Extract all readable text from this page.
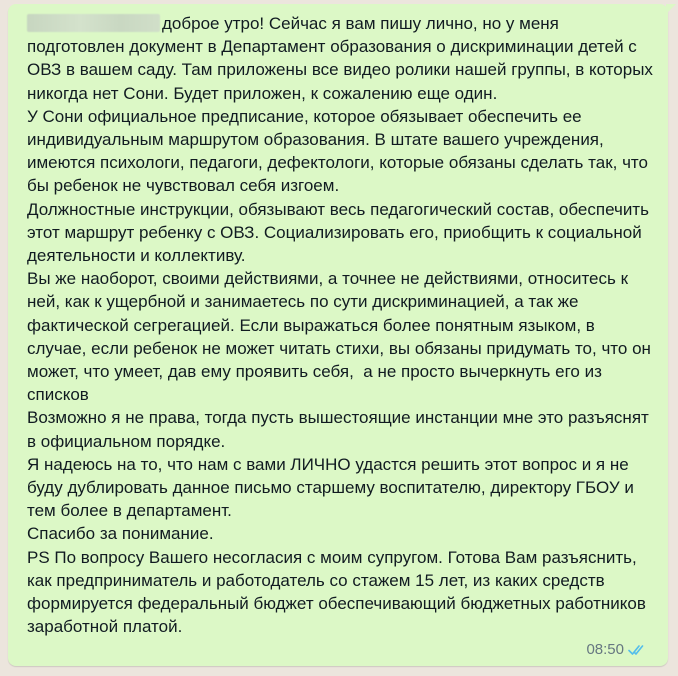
доброе утро! Сейчас я вам пишу лично, но у меня подготовлен документ в Департамент образования о дискриминации детей с ОВЗ в вашем саду. Там приложены все видео ролики нашей группы, в которых никогда нет Сони. Будет приложен, к сожалению еще один.
У Сони официальное предписание, которое обязывает обеспечить ее индивидуальным маршрутом образования. В штате вашего учреждения, имеются психологи, педагоги, дефектологи, которые обязаны сделать так, что бы ребенок не чувствовал себя изгоем.
Должностные инструкции, обязывают весь педагогический состав, обеспечить этот маршрут ребенку с ОВЗ. Социализировать его, приобщить к социальной деятельности и коллективу.
Вы же наоборот, своими действиями, а точнее не действиями, относитесь к ней, как к ущербной и занимаетесь по сути дискриминацией, а так же фактической сегрегацией. Если выражаться более понятным языком, в случае, если ребенок не может читать стихи, вы обязаны придумать то, что он может, что умеет, дав ему проявить себя,  а не просто вычеркнуть его из списков
Возможно я не права, тогда пусть вышестоящие инстанции мне это разъяснят в официальном порядке.
Я надеюсь на то, что нам с вами ЛИЧНО удастся решить этот вопрос и я не буду дублировать данное письмо старшему воспитателю, директору ГБОУ и тем более в департамент.
Спасибо за понимание.
PS По вопросу Вашего несогласия с моим супругом. Готова Вам разъяснить, как предприниматель и работодатель со стажем 15 лет, из каких средств формируется федеральный бюджет обеспечивающий бюджетных работников заработной платой.
08:50
